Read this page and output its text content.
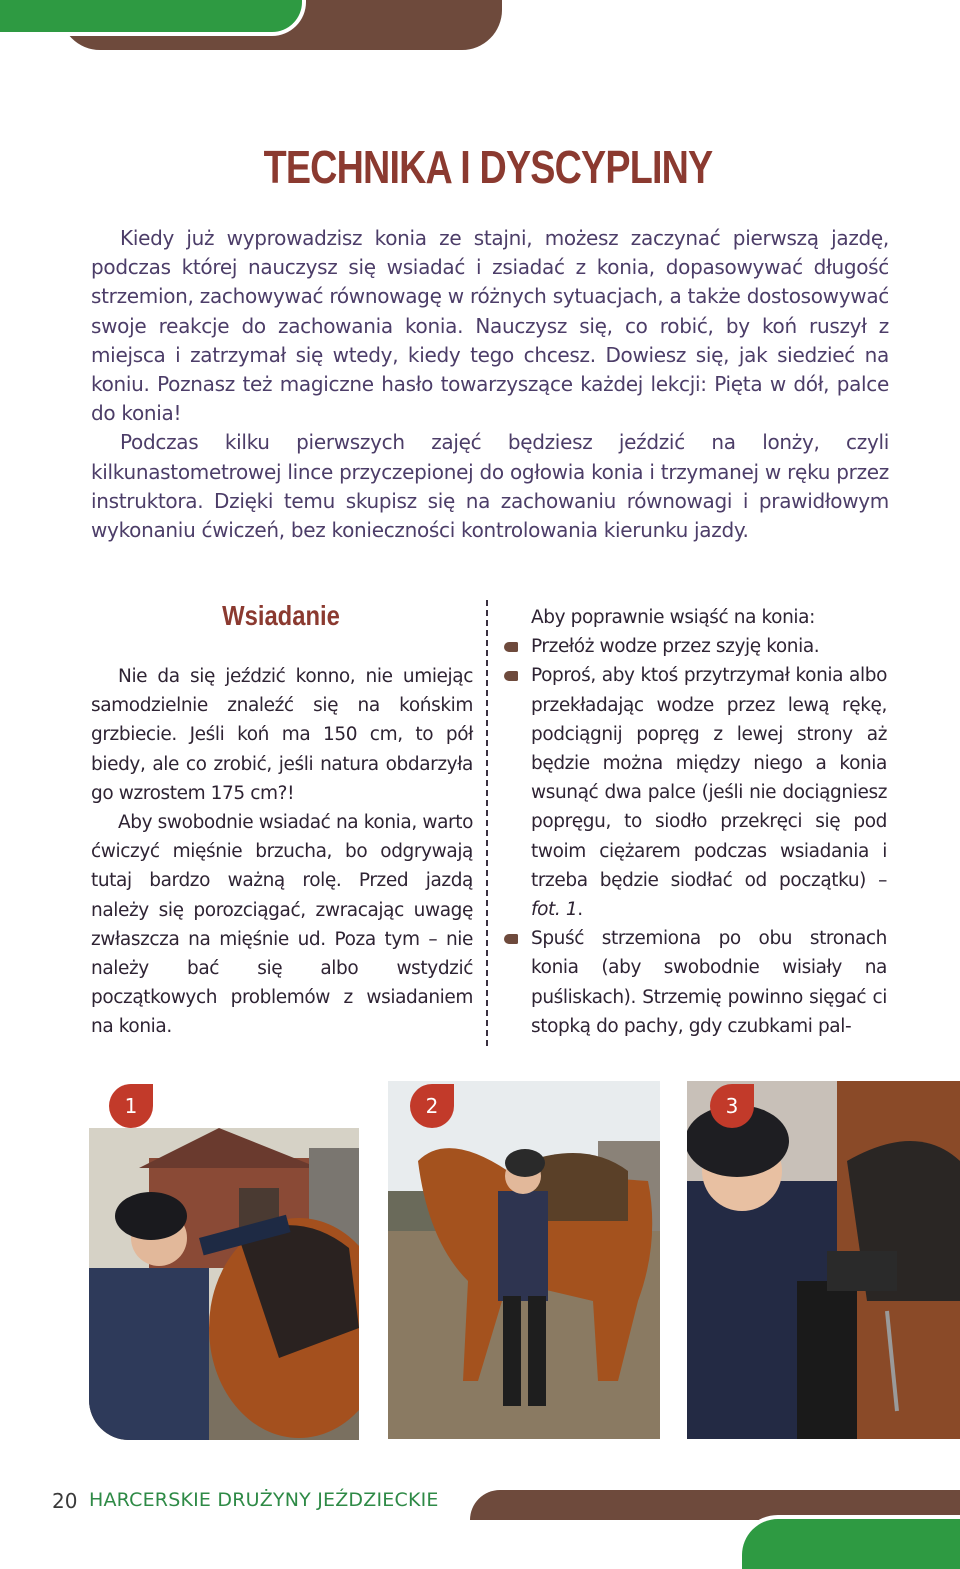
TECHNIKA I DYSCYPLINY

Kiedy już wyprowadzisz konia ze stajni, możesz zaczynać pierwszą jazdę, podczas której nauczysz się wsiadać i zsiadać z konia, dopasowywać długość strzemion, zachowywać równowagę w różnych sytuacjach, a także dostosowywać swoje reakcje do zachowania konia. Nauczysz się, co robić, by koń ruszył z miejsca i zatrzymał się wtedy, kiedy tego chcesz. Dowiesz się, jak siedzieć na koniu. Poznasz też magiczne hasło towarzyszące każdej lekcji: Pięta w dół, palce do konia!

Podczas kilku pierwszych zajęć będziesz jeździć na lonży, czyli kilkunastometrowej lince przyczepionej do ogłowia konia i trzymanej w ręku przez instruktora. Dzięki temu skupisz się na zachowaniu równowagi i prawidłowym wykonaniu ćwiczeń, bez konieczności kontrolowania kierunku jazdy.

Wsiadanie

Nie da się jeździć konno, nie umiejąc samodzielnie znaleźć się na końskim grzbiecie. Jeśli koń ma 150 cm, to pół biedy, ale co zrobić, jeśli natura obdarzyła go wzrostem 175 cm?!

Aby swobodnie wsiadać na konia, warto ćwiczyć mięśnie brzucha, bo odgrywają tutaj bardzo ważną rolę. Przed jazdą należy się porozciągać, zwracając uwagę zwłaszcza na mięśnie ud. Poza tym – nie należy bać się albo wstydzić początkowych problemów z wsiadaniem na konia.

Aby poprawnie wsiąść na konia:

Przełóż wodze przez szyję konia.
Poproś, aby ktoś przytrzymał konia albo przekładając wodze przez lewą rękę, podciągnij popręg z lewej strony aż będzie można między niego a konia wsunąć dwa palce (jeśli nie dociągniesz popręgu, to siodło przekręci się pod twoim ciężarem podczas wsiadania i trzeba będzie siodłać od początku) – fot. 1.
Spuść strzemiona po obu stronach konia (aby swobodnie wisiały na puśliskach). Strzemię powinno sięgać ci stopką do pachy, gdy czubkami pal-
1	2	3
20 HARCERSKIE DRUŻYNY JEŹDZIECKIE
